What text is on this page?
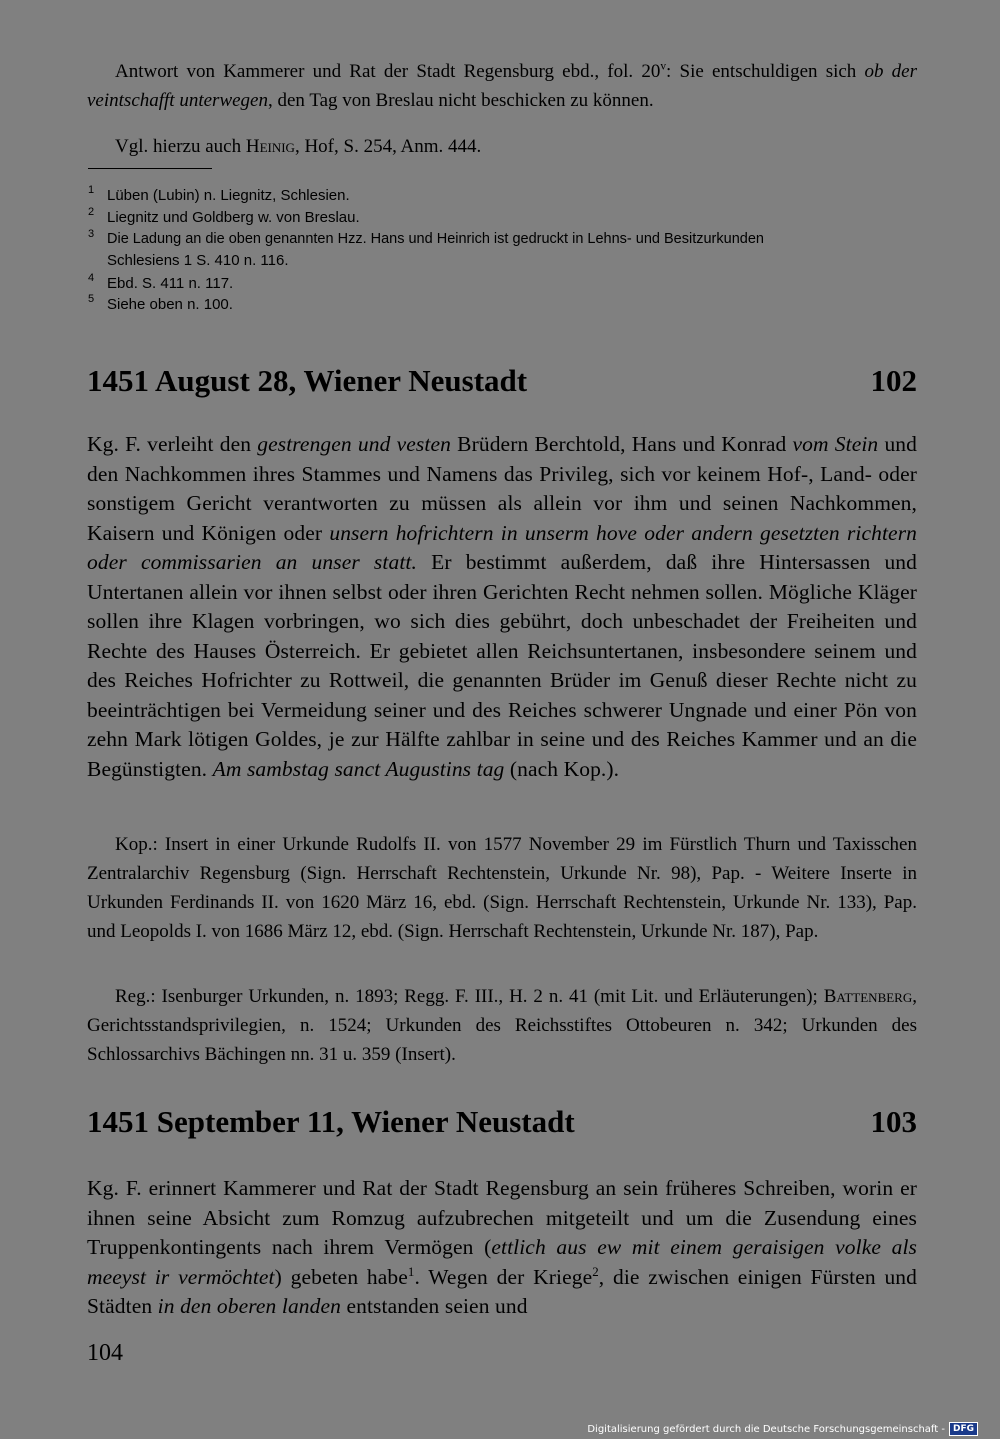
Antwort von Kammerer und Rat der Stadt Regensburg ebd., fol. 20$^v$: Sie entschuldigen sich ob der veintschafft unterwegen, den Tag von Breslau nicht beschicken zu können.

Vgl. hierzu auch Heinig, Hof, S. 254, Anm. 444.

1 Lüben (Lubin) n. Liegnitz, Schlesien.
2 Liegnitz und Goldberg w. von Breslau.
3 Die Ladung an die oben genannten Hzz. Hans und Heinrich ist gedruckt in Lehns- und Besitzurkunden
Schlesiens 1 S. 410 n. 116.
4 Ebd. S. 411 n. 117.
5 Siehe oben n. 100.
1451 August 28, Wiener Neustadt	102
Kg. F. verleiht den gestrengen und vesten Brüdern Berchtold, Hans und Konrad vom Stein und den Nachkommen ihres Stammes und Namens das Privileg, sich vor keinem Hof-, Land- oder sonstigem Gericht verantworten zu müssen als allein vor ihm und seinen Nachkommen, Kaisern und Königen oder unsern hofrichtern in unserm hove oder andern gesetzten richtern oder commissarien an unser statt. Er bestimmt außerdem, daß ihre Hintersassen und Untertanen allein vor ihnen selbst oder ihren Gerichten Recht nehmen sollen. Mögliche Kläger sollen ihre Klagen vorbringen, wo sich dies gebührt, doch unbeschadet der Freiheiten und Rechte des Hauses Österreich. Er gebietet allen Reichsuntertanen, insbesondere seinem und des Reiches Hofrichter zu Rottweil, die genannten Brüder im Genuß dieser Rechte nicht zu beeinträchtigen bei Vermeidung seiner und des Reiches schwerer Ungnade und einer Pön von zehn Mark lötigen Goldes, je zur Hälfte zahlbar in seine und des Reiches Kammer und an die Begünstigten. Am sambstag sanct Augustins tag (nach Kop.).

Kop.: Insert in einer Urkunde Rudolfs II. von 1577 November 29 im Fürstlich Thurn und Taxisschen Zentralarchiv Regensburg (Sign. Herrschaft Rechtenstein, Urkunde Nr. 98), Pap. - Weitere Inserte in Urkunden Ferdinands II. von 1620 März 16, ebd. (Sign. Herrschaft Rechtenstein, Urkunde Nr. 133), Pap. und Leopolds I. von 1686 März 12, ebd. (Sign. Herrschaft Rechtenstein, Urkunde Nr. 187), Pap.

Reg.: Isenburger Urkunden, n. 1893; Regg. F. III., H. 2 n. 41 (mit Lit. und Erläuterungen); Battenberg, Gerichtsstandsprivilegien, n. 1524; Urkunden des Reichsstiftes Ottobeuren n. 342; Urkunden des Schlossarchivs Bächingen nn. 31 u. 359 (Insert).

1451 September 11, Wiener Neustadt	103
Kg. F. erinnert Kammerer und Rat der Stadt Regensburg an sein früheres Schreiben, worin er ihnen seine Absicht zum Romzug aufzubrechen mitgeteilt und um die Zusendung eines Truppenkontingents nach ihrem Vermögen (ettlich aus ew mit einem geraisigen volke als meeyst ir vermöchtet) gebeten habe$^1$. Wegen der Kriege$^2$, die zwischen einigen Fürsten und Städten in den oberen landen entstanden seien und
104
Digitalisierung gefördert durch die Deutsche Forschungsgemeinschaft - DFG
